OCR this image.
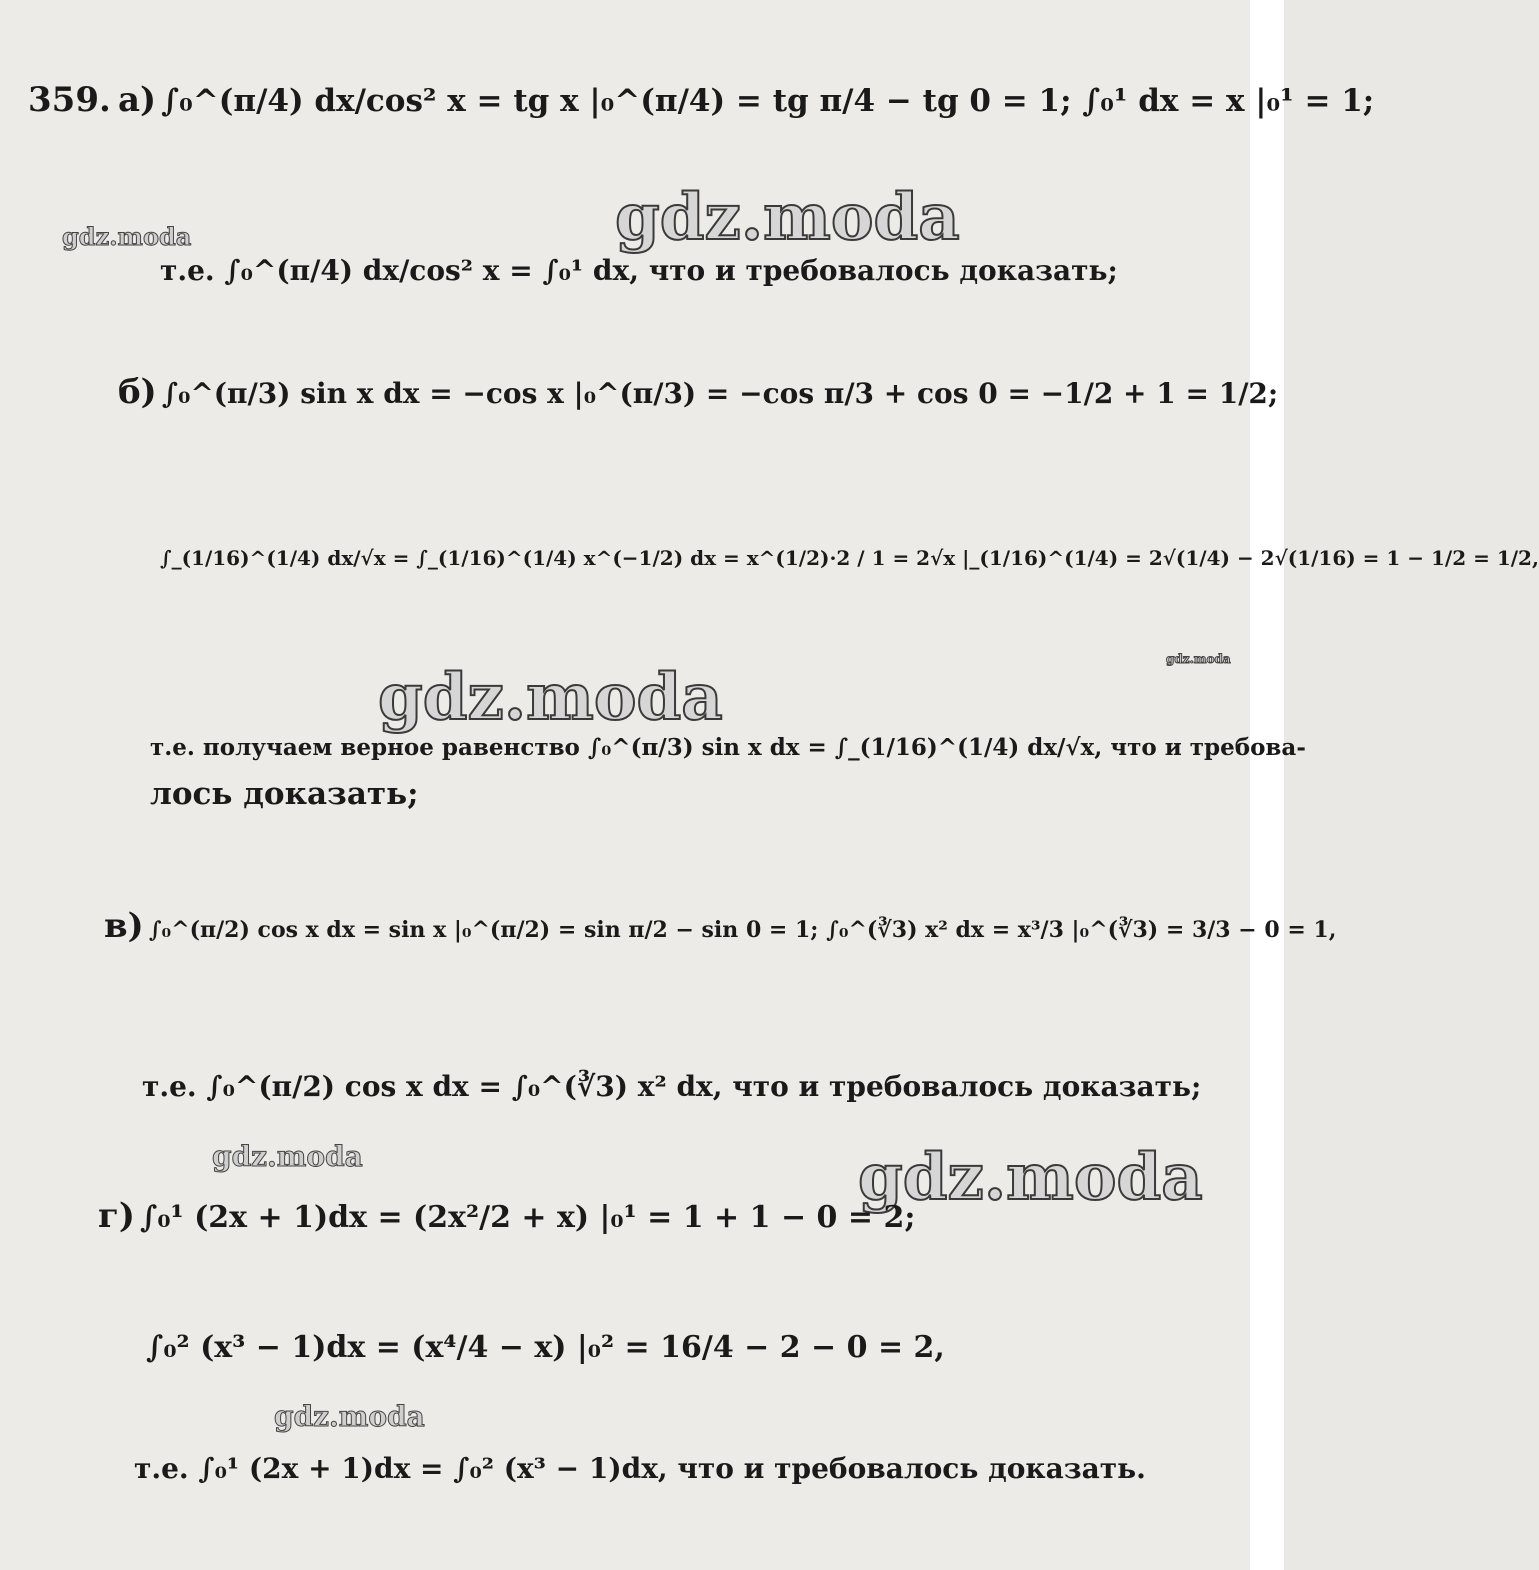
gdz.moda
gdz.moda
gdz.moda
gdz.moda
gdz.moda	gdz.moda
gdz.moda
359. а) ∫₀^(π/4) dx/cos² x = tg x |₀^(π/4) = tg π/4 − tg 0 = 1; ∫₀¹ dx = x |₀¹ = 1;
т.е. ∫₀^(π/4) dx/cos² x = ∫₀¹ dx, что и требовалось доказать;
б) ∫₀^(π/3) sin x dx = −cos x |₀^(π/3) = −cos π/3 + cos 0 = −1/2 + 1 = 1/2;
∫_(1/16)^(1/4) dx/√x = ∫_(1/16)^(1/4) x^(−1/2) dx = x^(1/2)·2 / 1 = 2√x |_(1/16)^(1/4) = 2√(1/4) − 2√(1/16) = 1 − 1/2 = 1/2,
т.е. получаем верное равенство ∫₀^(π/3) sin x dx = ∫_(1/16)^(1/4) dx/√x, что и требова-
лось доказать;
в) ∫₀^(π/2) cos x dx = sin x |₀^(π/2) = sin π/2 − sin 0 = 1; ∫₀^(∛3) x² dx = x³/3 |₀^(∛3) = 3/3 − 0 = 1,
т.е. ∫₀^(π/2) cos x dx = ∫₀^(∛3) x² dx, что и требовалось доказать;
г) ∫₀¹ (2x + 1)dx = (2x²/2 + x) |₀¹ = 1 + 1 − 0 = 2;
∫₀² (x³ − 1)dx = (x⁴/4 − x) |₀² = 16/4 − 2 − 0 = 2,
т.е. ∫₀¹ (2x + 1)dx = ∫₀² (x³ − 1)dx, что и требовалось доказать.
